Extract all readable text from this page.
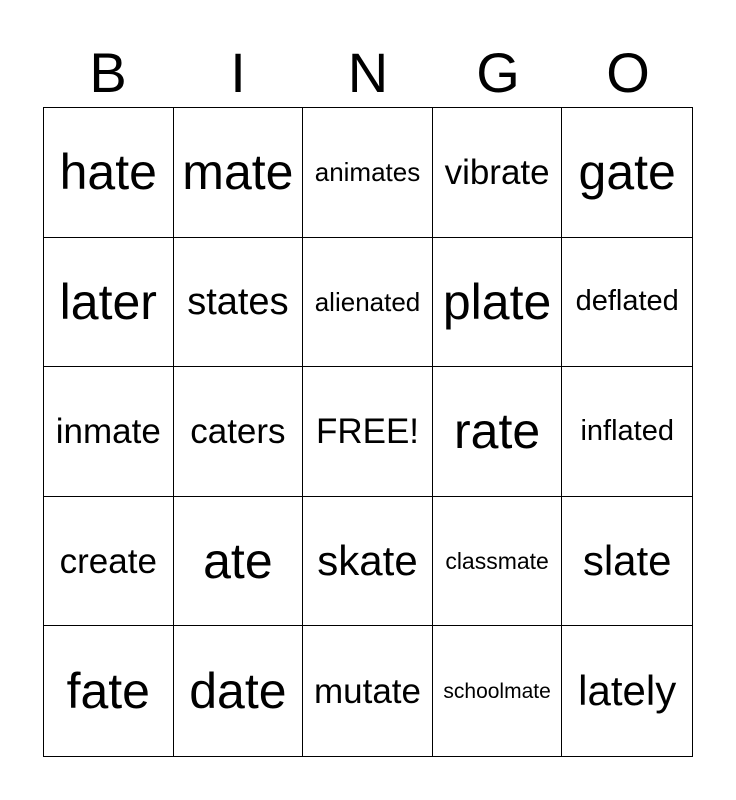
B	I	N	G	O
hate mate animates vibrate gate
later states	alienated plate deflated
inmate caters FREE! rate	inflated
create ate	skate	classmate slate
fate date mutate	schoolmate lately
